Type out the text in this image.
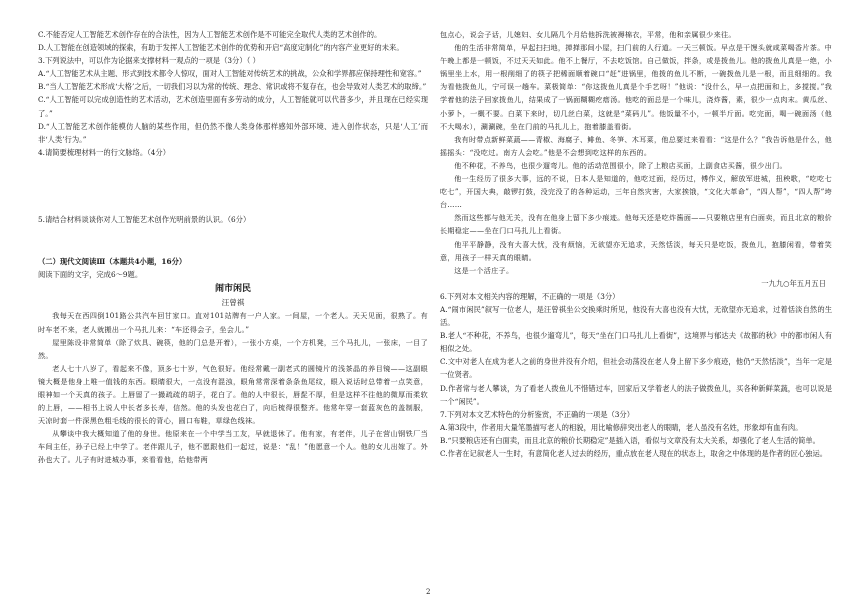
C.不能否定人工智能艺术创作存在的合法性，因为人工智能艺术创作是不可能完全取代人类的艺术创作的。

D.人工智能在创造领域的探索，有助于发挥人工智能艺术创作的优势和开启“高度定制化”的内容产业更好的未来。

3.下列说法中，可以作为论据来支撑材料一观点的一项是（3分）（ ）

A.“人工智能艺术从主题、形式到技术都令人惊叹，面对人工智能对传统艺术的挑战，公众和学界都应保持理性和宽容。”

B.“当人工智能艺术形成‘大格’之后，一切我们习以为常的传统、理念、常识或将不复存在，也会导致对人类艺术的取缔。”

C.“人工智能可以完成创造性的艺术活动，艺术创造里面有多劳动的成分，人工智能就可以代普多少，并且现在已经实现了。”

D.“人工智能艺术创作能模仿人脑的某些作用，但仍然不像人类身体那样感知外部环境、进入创作状态，只是‘人工’而非‘人类’行为。”

4.请简要梳理材料一的行文脉络。（4分）

5.请结合材料谈谈你对人工智能艺术创作光明前景的认识。（6分）

（二）现代文阅读Ⅲ（本题共4小题，16分）

阅读下面的文字，完成6～9题。

闹市闲民

汪曾祺

我每天在西四倒101路公共汽车回甘家口。直对101站牌有一户人家。一间屋，一个老人。天天见面，很熟了。有时车老不来，老人就搬出一个马扎儿来：“车还得会子，坐会儿。”

屋里陈设非常简单（除了炊具、碗筷，他的门总是开着），一张小方桌，一个方机凳，三个马扎儿，一张床，一目了然。

老人七十八岁了，看起来不像，顶多七十岁，气色很好。他经常戴一副老式的圆镜片的浅茶晶的养目镜——这副眼镜大概是他身上唯一值钱的东西。眼睛很大，一点没有混浊，眼角常常深着条条鱼尾纹，眼入说话时总带着一点笑意，眼神如一个天真的孩子。上唇留了一撮疏疏的胡子，花白了。他的人中很长，唇髭不厚，但是这样不往他的微厚而柔软的上唇，——相书上说人中长者多长寿，信然。他的头发也花白了，向后梳得很整齐。他常年穿一套蓝灰色的盖制服，天凉时套一件深黑色粗毛线的很长的背心，圆口布鞋，草绿色线袜。

从攀谈中我大概知道了他的身世。他原来在一个中学当工友，早就退休了。他有家，有老伴，儿子在营山钢铁厂当车间主任，孙子已经上中学了。老伴跟儿子，他不愿跟他们一起过，说是：“乱！”他愿意一个人。他的女儿出嫁了。外孙也大了。儿子有时进城办事，来看看他，给他带两

包点心，说会子话，儿媳妇、女儿隔几个月给他拆洗被褥棉衣，平常，他和亲属很少来往。

他的生活非常简单，早起扫扫地，掸掸那间小屋，扫门前的人行道。一天三顿饭。早点是干馒头就咸菜喝香片茶。中午晚上都是一顿饭，不过天天如此。他不上餐厅，不去吃饭馆。自己做饭，拌条，或是拨鱼儿。他的拨鱼儿真是一绝，小锅里坐上水，用一根削细了的筷子把稀面顺着碗口“赶”进锅里，他拨的鱼儿不断，一碗拨鱼儿是一根，而且细细的。我为看他拨鱼儿，宁可误一趟车。菜极简单：“你这拨鱼儿真是个手艺呀！”他说：“没什么，早一点把面和上，多搅搅。”我学着他的法子回家拨鱼儿，结果成了一锅面糊糊疙瘩汤。他吃的面总是一个味儿，浇炸酱，素，很少一点肉末。黄瓜丝、小萝卜，一概不要。白菜下来时，切几丝白菜，这就是“菜码儿”。他饭量不小，一顿半斤面。吃完面，喝一碗面汤（他不大喝水），涮涮碗，坐在门前的马扎儿上，抱着膝盖看街。

我有时带点新鲜菜蔬——青椒、海腐子、鲱鱼、冬笋、木耳菜，他总要过来看看：“这是什么？”我告诉他是什么，他摇摇头：“没吃过。南方人会吃。”他是不会想到吃这样的东西的。

他不种花，不养鸟，也很少遛弯儿。他的活动范围很小，除了上粮店买面，上副食店买酱，很少出门。

他一生经历了很多大事，远的不说，日本人是知道的，他吃过面，经历过，傅作义，解放军进城，扭秧歌，“吃吃七吃七”，开国大典，敲锣打鼓，没完没了的各种运动，三年自然灾害，大家挨饿，“文化大革命”，“四人帮”，“四人帮”垮台……

然而这些都与他无关，没有在他身上留下多少痕迹。他每天还是吃炸酱面——只要粮店里有白面卖，而且北京的粮价长期稳定——坐在门口马扎儿上看街。

他平平静静，没有大喜大忧，没有烦恼，无欲望亦无追求，天然恬淡，每天只是吃饭，拨鱼儿，抱膝闲看，带着笑意，用孩子一样天真的眼睛。

这是一个活庄子。

一九九○年五月五日

6.下列对本文相关内容的理解，不正确的一项是（3分）

A.“闹市闲民”叙写一位老人，是汪曾祺坐公交换乘时所见，他没有大喜也没有大忧，无欲望亦无追求，过着恬淡自然的生活。

B.老人“不种花，不养鸟，也很少遛弯儿”，每天“坐在门口马扎儿上看街”，这境界与郁达夫《故都的秋》中的都市闲人有相似之处。

C.文中对老人在成为老人之前的身世并没有介绍，但社会动荡没在老人身上留下多少痕迹，他仍“天然恬淡”，当年一定是一位贤者。

D.作者常与老人攀谈，为了看老人拨鱼儿不惜错过车，回家后又学着老人的法子做拨鱼儿，买各种新鲜菜蔬，也可以说是一个“闲民”。

7.下列对本文艺术特色的分析鉴赏，不正确的一项是（3分）

A.第3段中，作者用大量笔墨描写老人的相貌，用比喻修辞突出老人的眼睛，老人虽没有名姓，形象却有血有肉。

B.“只要粮店还有白面卖，而且北京的粮价长期稳定”是插入语，看似与文章没有太大关系，却强化了老人生活的简单。

C.作者在记叙老人一生时，有意简化老人过去的经历，重点放在老人现在的状态上，取舍之中体现的是作者的匠心独运。

2
